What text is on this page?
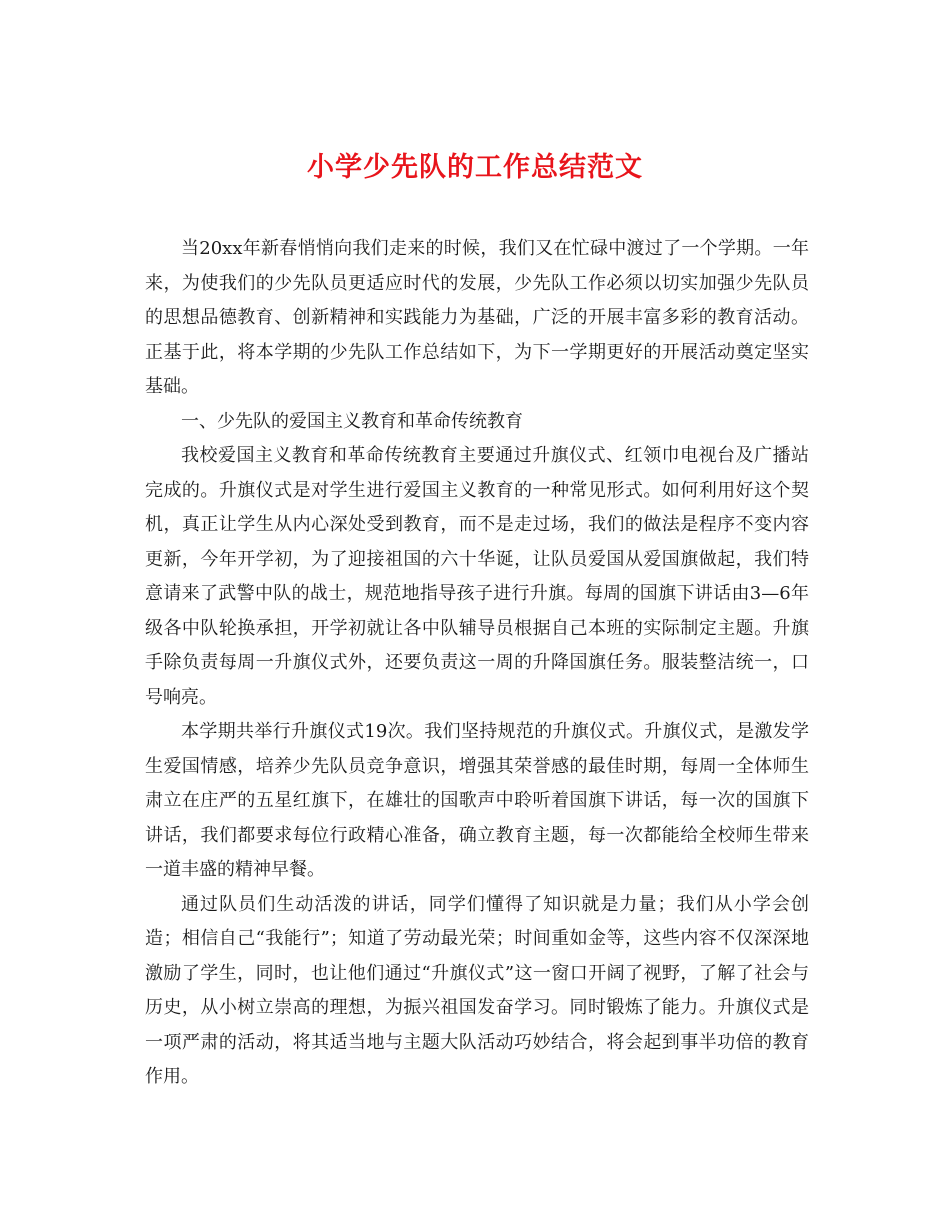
小学少先队的工作总结范文

当20xx年新春悄悄向我们走来的时候，我们又在忙碌中渡过了一个学期。一年来，为使我们的少先队员更适应时代的发展，少先队工作必须以切实加强少先队员的思想品德教育、创新精神和实践能力为基础，广泛的开展丰富多彩的教育活动。正基于此，将本学期的少先队工作总结如下，为下一学期更好的开展活动奠定坚实基础。

一、少先队的爱国主义教育和革命传统教育

我校爱国主义教育和革命传统教育主要通过升旗仪式、红领巾电视台及广播站完成的。升旗仪式是对学生进行爱国主义教育的一种常见形式。如何利用好这个契机，真正让学生从内心深处受到教育，而不是走过场，我们的做法是程序不变内容更新，今年开学初，为了迎接祖国的六十华诞，让队员爱国从爱国旗做起，我们特意请来了武警中队的战士，规范地指导孩子进行升旗。每周的国旗下讲话由3—6年级各中队轮换承担，开学初就让各中队辅导员根据自己本班的实际制定主题。升旗手除负责每周一升旗仪式外，还要负责这一周的升降国旗任务。服装整洁统一，口号响亮。

本学期共举行升旗仪式19次。我们坚持规范的升旗仪式。升旗仪式，是激发学生爱国情感，培养少先队员竞争意识，增强其荣誉感的最佳时期，每周一全体师生肃立在庄严的五星红旗下，在雄壮的国歌声中聆听着国旗下讲话，每一次的国旗下讲话，我们都要求每位行政精心准备，确立教育主题，每一次都能给全校师生带来一道丰盛的精神早餐。

通过队员们生动活泼的讲话，同学们懂得了知识就是力量；我们从小学会创造；相信自己“我能行”；知道了劳动最光荣；时间重如金等，这些内容不仅深深地激励了学生，同时，也让他们通过“升旗仪式”这一窗口开阔了视野，了解了社会与历史，从小树立崇高的理想，为振兴祖国发奋学习。同时锻炼了能力。升旗仪式是一项严肃的活动，将其适当地与主题大队活动巧妙结合，将会起到事半功倍的教育作用。
